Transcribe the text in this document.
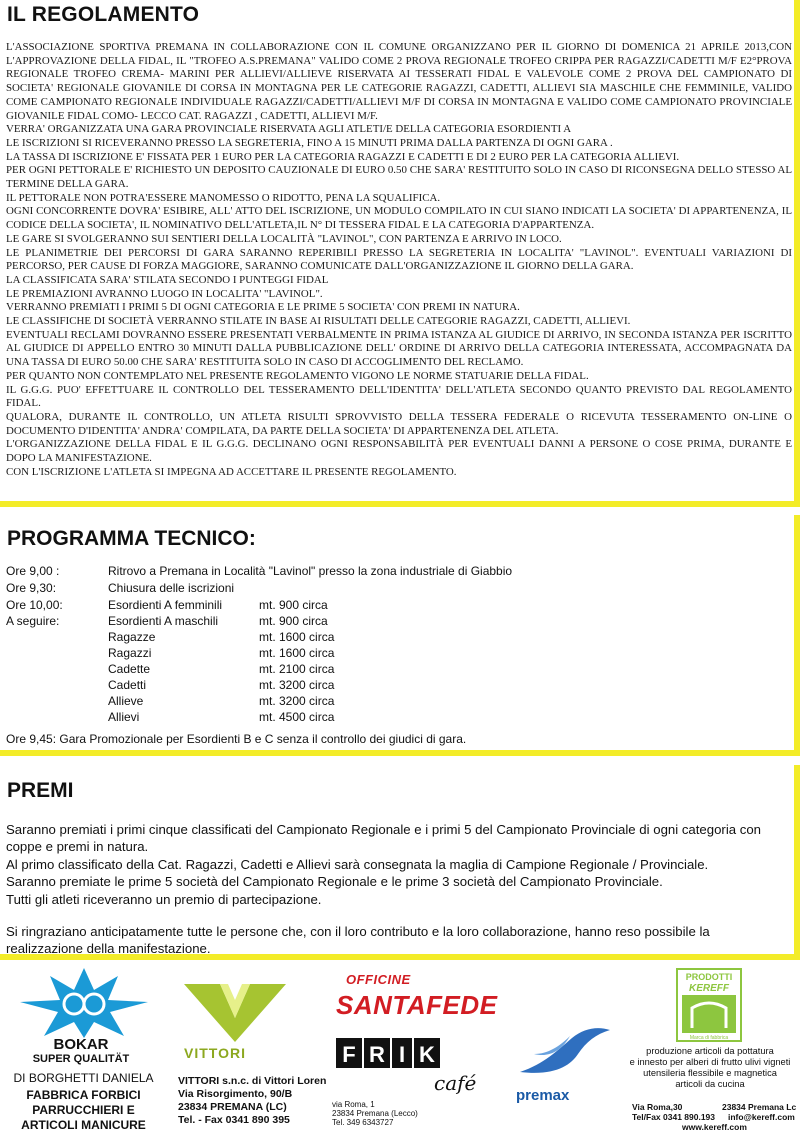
IL REGOLAMENTO

L'ASSOCIAZIONE SPORTIVA PREMANA IN COLLABORAZIONE CON IL COMUNE ORGANIZZANO PER IL GIORNO DI DOMENICA 21 APRILE 2013,CON L'APPROVAZIONE DELLA FIDAL, IL "TROFEO A.S.PREMANA" VALIDO COME 2 PROVA REGIONALE TROFEO CRIPPA PER RAGAZZI/CADETTI M/F E2°PROVA REGIONALE TROFEO CREMA- MARINI PER ALLIEVI/ALLIEVE RISERVATA AI TESSERATI FIDAL E VALEVOLE COME 2 PROVA DEL CAMPIONATO DI SOCIETA' REGIONALE GIOVANILE DI CORSA IN MONTAGNA PER LE CATEGORIE RAGAZZI, CADETTI, ALLIEVI SIA MASCHILE CHE FEMMINILE, VALIDO COME CAMPIONATO REGIONALE INDIVIDUALE RAGAZZI/CADETTI/ALLIEVI M/F DI CORSA IN MONTAGNA E VALIDO COME CAMPIONATO PROVINCIALE GIOVANILE FIDAL COMO- LECCO CAT. RAGAZZI , CADETTI, ALLIEVI M/F.

VERRA' ORGANIZZATA UNA GARA PROVINCIALE RISERVATA AGLI ATLETI/E DELLA CATEGORIA ESORDIENTI A

LE ISCRIZIONI SI RICEVERANNO PRESSO LA SEGRETERIA, FINO A 15 MINUTI PRIMA DALLA PARTENZA DI OGNI GARA .

LA TASSA DI ISCRIZIONE E' FISSATA PER 1 EURO PER LA CATEGORIA RAGAZZI E CADETTI E DI 2 EURO PER LA CATEGORIA ALLIEVI.

PER OGNI PETTORALE E' RICHIESTO UN DEPOSITO CAUZIONALE DI EURO 0.50 CHE SARA' RESTITUITO SOLO IN CASO DI RICONSEGNA DELLO STESSO AL TERMINE DELLA GARA.

IL PETTORALE NON POTRA'ESSERE MANOMESSO O RIDOTTO, PENA LA SQUALIFICA.

OGNI CONCORRENTE DOVRA' ESIBIRE, ALL' ATTO DEL ISCRIZIONE, UN MODULO COMPILATO IN CUI SIANO INDICATI LA SOCIETA' DI APPARTENENZA, IL CODICE DELLA SOCIETA', IL NOMINATIVO DELL'ATLETA,IL N° DI TESSERA FIDAL E LA CATEGORIA D'APPARTENZA.

LE GARE SI SVOLGERANNO SUI SENTIERI DELLA LOCALITÀ "LAVINOL", CON PARTENZA E ARRIVO IN LOCO.

LE PLANIMETRIE DEI PERCORSI DI GARA SARANNO REPERIBILI PRESSO LA SEGRETERIA IN LOCALITA' "LAVINOL". EVENTUALI VARIAZIONI DI PERCORSO, PER CAUSE DI FORZA MAGGIORE, SARANNO COMUNICATE DALL'ORGANIZZAZIONE IL GIORNO DELLA GARA.

LA CLASSIFICATA SARA' STILATA SECONDO I PUNTEGGI FIDAL

LE PREMIAZIONI AVRANNO LUOGO IN LOCALITA' "LAVINOL".

VERRANNO PREMIATI I PRIMI 5 DI OGNI CATEGORIA E LE PRIME 5 SOCIETA' CON PREMI IN NATURA.

LE CLASSIFICHE DI SOCIETÀ VERRANNO STILATE IN BASE AI RISULTATI DELLE CATEGORIE RAGAZZI, CADETTI, ALLIEVI.

EVENTUALI RECLAMI DOVRANNO ESSERE PRESENTATI VERBALMENTE IN PRIMA ISTANZA AL GIUDICE DI ARRIVO, IN SECONDA ISTANZA PER ISCRITTO AL GIUDICE DI APPELLO ENTRO 30 MINUTI DALLA PUBBLICAZIONE DELL' ORDINE DI ARRIVO DELLA CATEGORIA INTERESSATA, ACCOMPAGNATA DA UNA TASSA DI EURO 50.00 CHE SARA' RESTITUITA SOLO IN CASO DI ACCOGLIMENTO DEL RECLAMO.

PER QUANTO NON CONTEMPLATO NEL PRESENTE REGOLAMENTO VIGONO LE NORME STATUARIE DELLA FIDAL.

IL G.G.G. PUO' EFFETTUARE IL CONTROLLO DEL TESSERAMENTO DELL'IDENTITA' DELL'ATLETA SECONDO QUANTO PREVISTO DAL REGOLAMENTO FIDAL.

QUALORA, DURANTE IL CONTROLLO, UN ATLETA RISULTI SPROVVISTO DELLA TESSERA FEDERALE O RICEVUTA TESSERAMENTO ON-LINE O DOCUMENTO D'IDENTITA' ANDRA' COMPILATA, DA PARTE DELLA SOCIETA' DI APPARTENENZA DEL ATLETA.

L'ORGANIZZAZIONE DELLA FIDAL E IL G.G.G. DECLINANO OGNI RESPONSABILITÀ PER EVENTUALI DANNI A PERSONE O COSE PRIMA, DURANTE E DOPO LA MANIFESTAZIONE.

CON L'ISCRIZIONE L'ATLETA SI IMPEGNA AD ACCETTARE IL PRESENTE REGOLAMENTO.

PROGRAMMA TECNICO:
Ore 9,00 :	Ritrovo a Premana in Località "Lavinol" presso la zona industriale di Giabbio
Ore 9,30:	Chiusura delle iscrizioni
Ore 10,00:	Esordienti A femminili	mt. 900 circa
A seguire:	Esordienti A maschili	mt. 900 circa
Ragazze	mt. 1600 circa
Ragazzi	mt. 1600 circa
Cadette	mt. 2100 circa
Cadetti	mt. 3200 circa
Allieve	mt. 3200 circa
Allievi	mt. 4500 circa
Ore 9,45: Gara Promozionale per Esordienti B e C senza il controllo dei giudici di gara.
PREMI

Saranno premiati i primi cinque classificati del Campionato Regionale e i primi 5 del Campionato Provinciale di ogni categoria con coppe e premi in natura.

Al primo classificato della Cat. Ragazzi, Cadetti e Allievi sarà consegnata la maglia di Campione Regionale / Provinciale.

Saranno premiate le prime 5 società del Campionato Regionale e le prime 3 società del Campionato Provinciale.

Tutti gli atleti riceveranno un premio di partecipazione.

Si ringraziano anticipatamente tutte le persone che, con il loro contributo e la loro collaborazione, hanno reso possibile la realizzazione della manifestazione.

BOKAR
SUPER QUALITÄT
DI BORGHETTI DANIELA
FABBRICA FORBICI
PARRUCCHIERI E
ARTICOLI MANICURE
VITTORI
VITTORI s.n.c. di Vittori Loren
Via Risorgimento, 90/B
23834 PREMANA (LC)
Tel. - Fax 0341 890 395
OFFICINE
SANTAFEDE
F R I K
café
via Roma, 1
23834 Premana (Lecco)
Tel. 349 6343727
premax
PRODOTTI
KEREFF
Marca di fabbrica
produzione articoli da pottatura
e innesto per alberi di frutto ulivi vigneti
utensileria flessibile e magnetica
articoli da cucina
Via Roma,30	23834 Premana Lc
Tel/Fax 0341 890.193 info@kereff.com
www.kereff.com
